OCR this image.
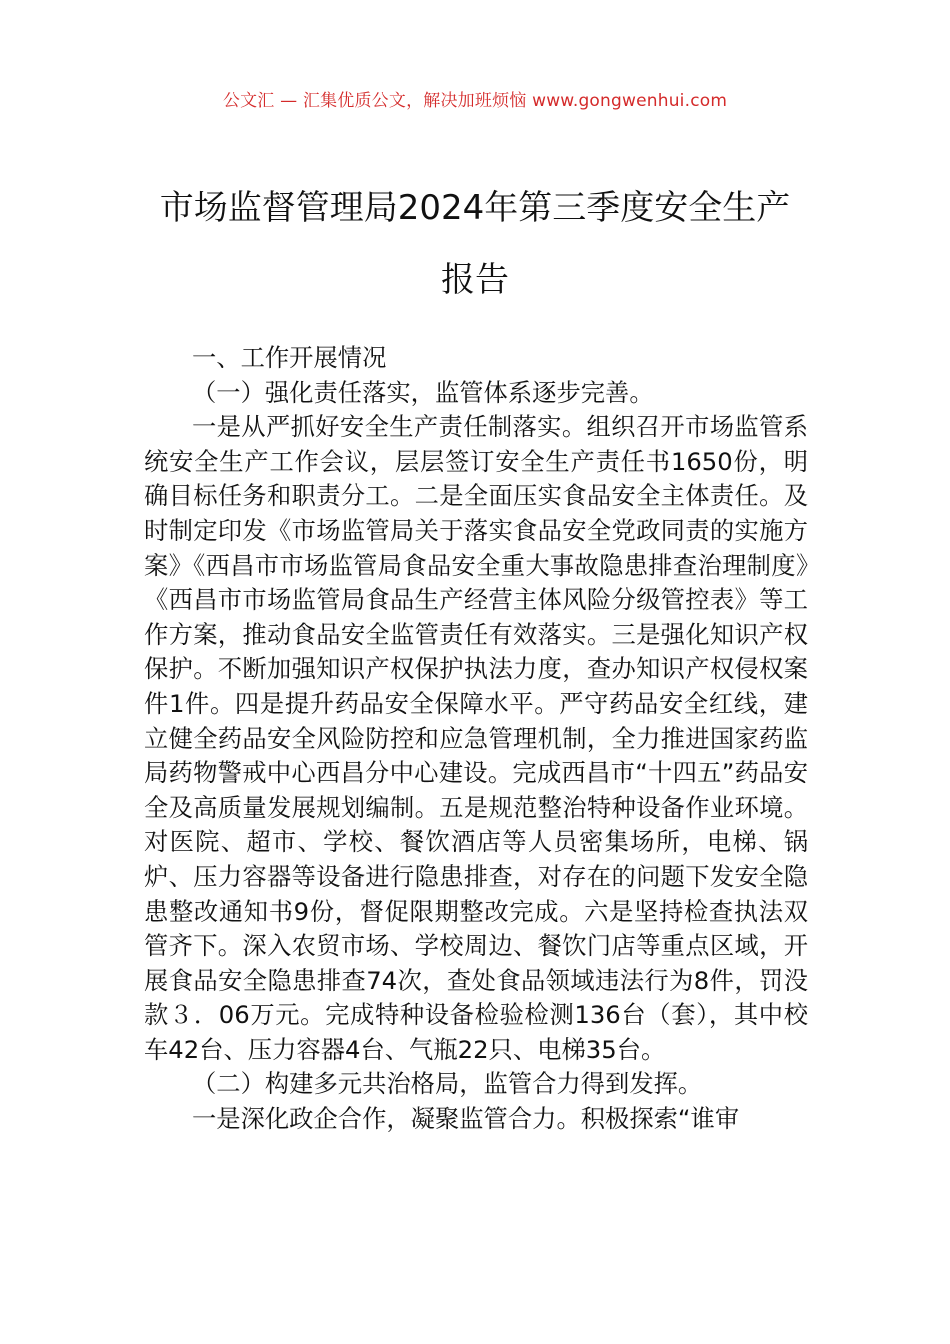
公文汇 — 汇集优质公文，解决加班烦恼 www.gongwenhui.com
市场监督管理局2024年第三季度安全生产
报告

一、工作开展情况

（一）强化责任落实，监管体系逐步完善。

一是从严抓好安全生产责任制落实。组织召开市场监管系统安全生产工作会议，层层签订安全生产责任书1650份，明确目标任务和职责分工。二是全面压实食品安全主体责任。及时制定印发《市场监管局关于落实食品安全党政同责的实施方案》《西昌市市场监管局食品安全重大事故隐患排查治理制度》《西昌市市场监管局食品生产经营主体风险分级管控表》等工作方案，推动食品安全监管责任有效落实。三是强化知识产权保护。不断加强知识产权保护执法力度，查办知识产权侵权案件1件。四是提升药品安全保障水平。严守药品安全红线，建立健全药品安全风险防控和应急管理机制，全力推进国家药监局药物警戒中心西昌分中心建设。完成西昌市“十四五”药品安全及高质量发展规划编制。五是规范整治特种设备作业环境。对医院、超市、学校、餐饮酒店等人员密集场所，电梯、锅炉、压力容器等设备进行隐患排查，对存在的问题下发安全隐患整改通知书9份，督促限期整改完成。六是坚持检查执法双管齐下。深入农贸市场、学校周边、餐饮门店等重点区域，开展食品安全隐患排查74次，查处食品领域违法行为8件，罚没款３．06万元。完成特种设备检验检测136台（套），其中校车42台、压力容器4台、气瓶22只、电梯35台。

（二）构建多元共治格局，监管合力得到发挥。

一是深化政企合作，凝聚监管合力。积极探索“谁审
